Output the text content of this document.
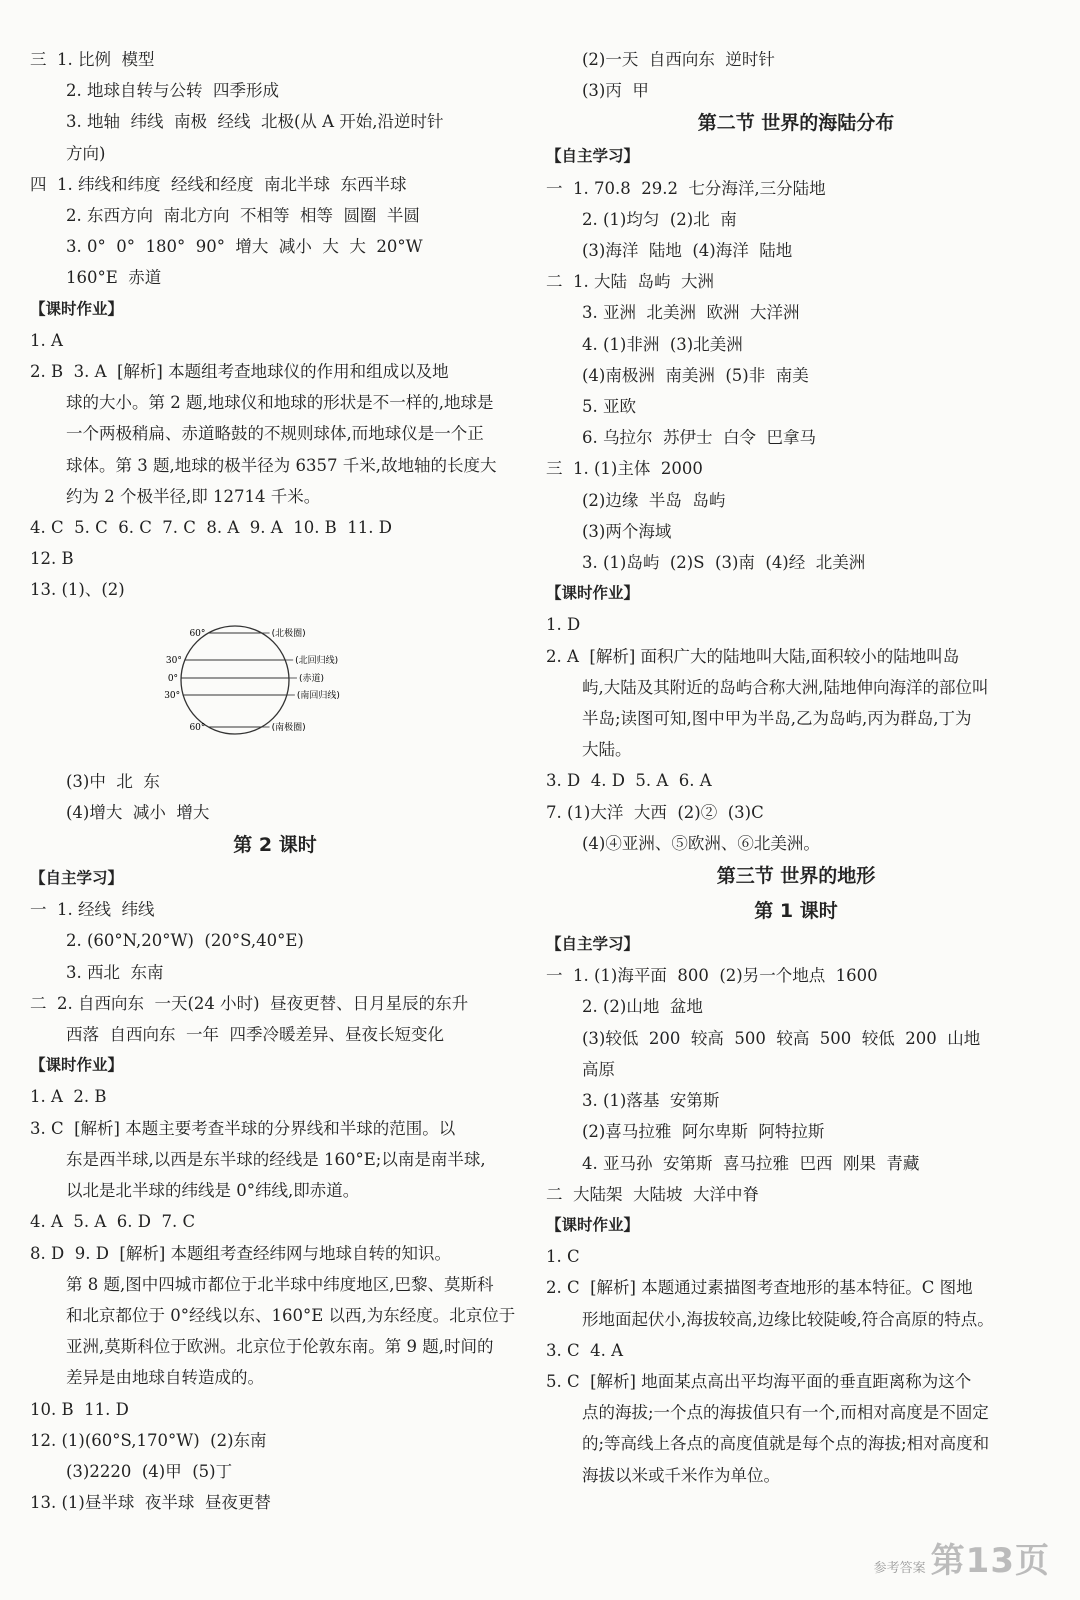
三  1. 比例  模型
2. 地球自转与公转  四季形成
3. 地轴  纬线  南极  经线  北极(从 A 开始,沿逆时针
方向)
四  1. 纬线和纬度  经线和经度  南北半球  东西半球
2. 东西方向  南北方向  不相等  相等  圆圈  半圆
3. 0°  0°  180°  90°  增大  减小  大  大  20°W
160°E  赤道
【课时作业】
1. A
2. B  3. A  [解析] 本题组考查地球仪的作用和组成以及地
球的大小。第 2 题,地球仪和地球的形状是不一样的,地球是
一个两极稍扁、赤道略鼓的不规则球体,而地球仪是一个正
球体。第 3 题,地球的极半径为 6357 千米,故地轴的长度大
约为 2 个极半径,即 12714 千米。
4. C  5. C  6. C  7. C  8. A  9. A  10. B  11. D
12. B
13. (1)、(2)
60°	(北极圈)
30°	(北回归线)
0°	(赤道)
30°	(南回归线)
60°	(南极圈)
(3)中  北  东
(4)增大  减小  增大
第 2 课时
【自主学习】
一  1. 经线  纬线
2. (60°N,20°W)  (20°S,40°E)
3. 西北  东南
二  2. 自西向东  一天(24 小时)  昼夜更替、日月星辰的东升
西落  自西向东  一年  四季冷暖差异、昼夜长短变化
【课时作业】
1. A  2. B
3. C  [解析] 本题主要考查半球的分界线和半球的范围。以
东是西半球,以西是东半球的经线是 160°E;以南是南半球,
以北是北半球的纬线是 0°纬线,即赤道。
4. A  5. A  6. D  7. C
8. D  9. D  [解析] 本题组考查经纬网与地球自转的知识。
第 8 题,图中四城市都位于北半球中纬度地区,巴黎、莫斯科
和北京都位于 0°经线以东、160°E 以西,为东经度。北京位于
亚洲,莫斯科位于欧洲。北京位于伦敦东南。第 9 题,时间的
差异是由地球自转造成的。
10. B  11. D
12. (1)(60°S,170°W)  (2)东南
(3)2220  (4)甲  (5)丁
13. (1)昼半球  夜半球  昼夜更替
(2)一天  自西向东  逆时针
(3)丙  甲
第二节 世界的海陆分布
【自主学习】
一  1. 70.8  29.2  七分海洋,三分陆地
2. (1)均匀  (2)北  南
(3)海洋  陆地  (4)海洋  陆地
二  1. 大陆  岛屿  大洲
3. 亚洲  北美洲  欧洲  大洋洲
4. (1)非洲  (3)北美洲
(4)南极洲  南美洲  (5)非  南美
5. 亚欧
6. 乌拉尔  苏伊士  白令  巴拿马
三  1. (1)主体  2000
(2)边缘  半岛  岛屿
(3)两个海域
3. (1)岛屿  (2)S  (3)南  (4)经  北美洲
【课时作业】
1. D
2. A  [解析] 面积广大的陆地叫大陆,面积较小的陆地叫岛
屿,大陆及其附近的岛屿合称大洲,陆地伸向海洋的部位叫
半岛;读图可知,图中甲为半岛,乙为岛屿,丙为群岛,丁为
大陆。
3. D  4. D  5. A  6. A
7. (1)大洋  大西  (2)②  (3)C
(4)④亚洲、⑤欧洲、⑥北美洲。
第三节 世界的地形
第 1 课时
【自主学习】
一  1. (1)海平面  800  (2)另一个地点  1600
2. (2)山地  盆地
(3)较低  200  较高  500  较高  500  较低  200  山地
高原
3. (1)落基  安第斯
(2)喜马拉雅  阿尔卑斯  阿特拉斯
4. 亚马孙  安第斯  喜马拉雅  巴西  刚果  青藏
二  大陆架  大陆坡  大洋中脊
【课时作业】
1. C
2. C  [解析] 本题通过素描图考查地形的基本特征。C 图地
形地面起伏小,海拔较高,边缘比较陡峻,符合高原的特点。
3. C  4. A
5. C  [解析] 地面某点高出平均海平面的垂直距离称为这个
点的海拔;一个点的海拔值只有一个,而相对高度是不固定
的;等高线上各点的高度值就是每个点的海拔;相对高度和
海拔以米或千米作为单位。
参考答案 第13页
